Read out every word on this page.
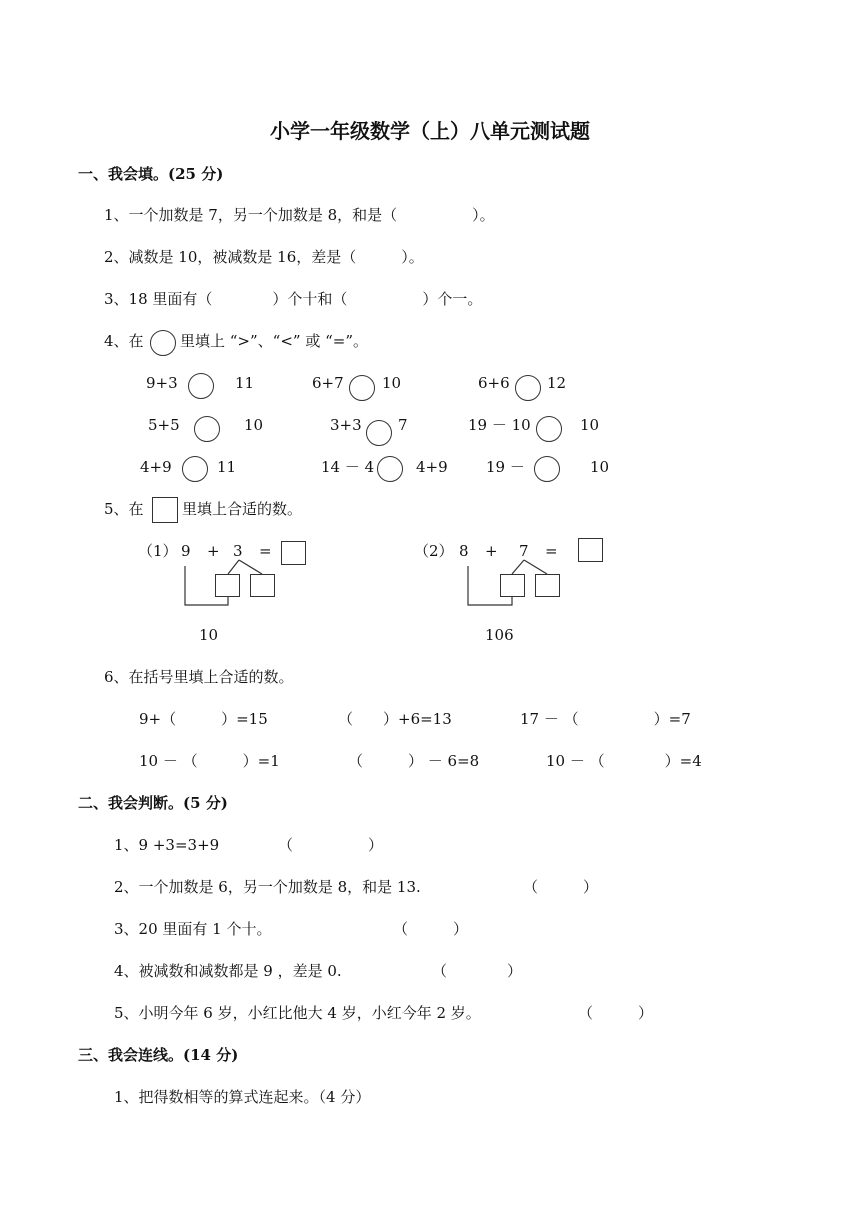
小学一年级数学（上）八单元测试题
一、我会填。(25 分)
1、一个加数是 7，另一个加数是 8，和是（　　　　　）。
2、减数是 10，被减数是 16，差是（　　　）。
3、18 里面有（　　　　）个十和（　　　　　）个一。
4、在 里填上 “>”、“<” 或 “=”。
9+3	11	6+7	10	6+6 12
5+5	10	3+3 7	19 － 10	10
4+9	11	14 － 4	4+9	19 －	10
5、在	里填上合适的数。
（1） 9 + 3 =
10
（2） 8 + 7 =
106
6、在括号里填上合适的数。
9+（　　　）=15	（　　）+6=13	17 － （　　　　　）=7
10 － （　　　）=1	（　　　） － 6=8	10 － （　　　　）=4
二、我会判断。(5 分)
1、9 +3=3+9	（　　　　　）
2、一个加数是 6，另一个加数是 8，和是 13.	（　　　）
3、20 里面有 1 个十。	（　　　）
4、被减数和减数都是 9 ，差是 0.	（　　　　）
5、小明今年 6 岁，小红比他大 4 岁，小红今年 2 岁。	（　　　）
三、我会连线。(14 分)
1、把得数相等的算式连起来。（4 分）
